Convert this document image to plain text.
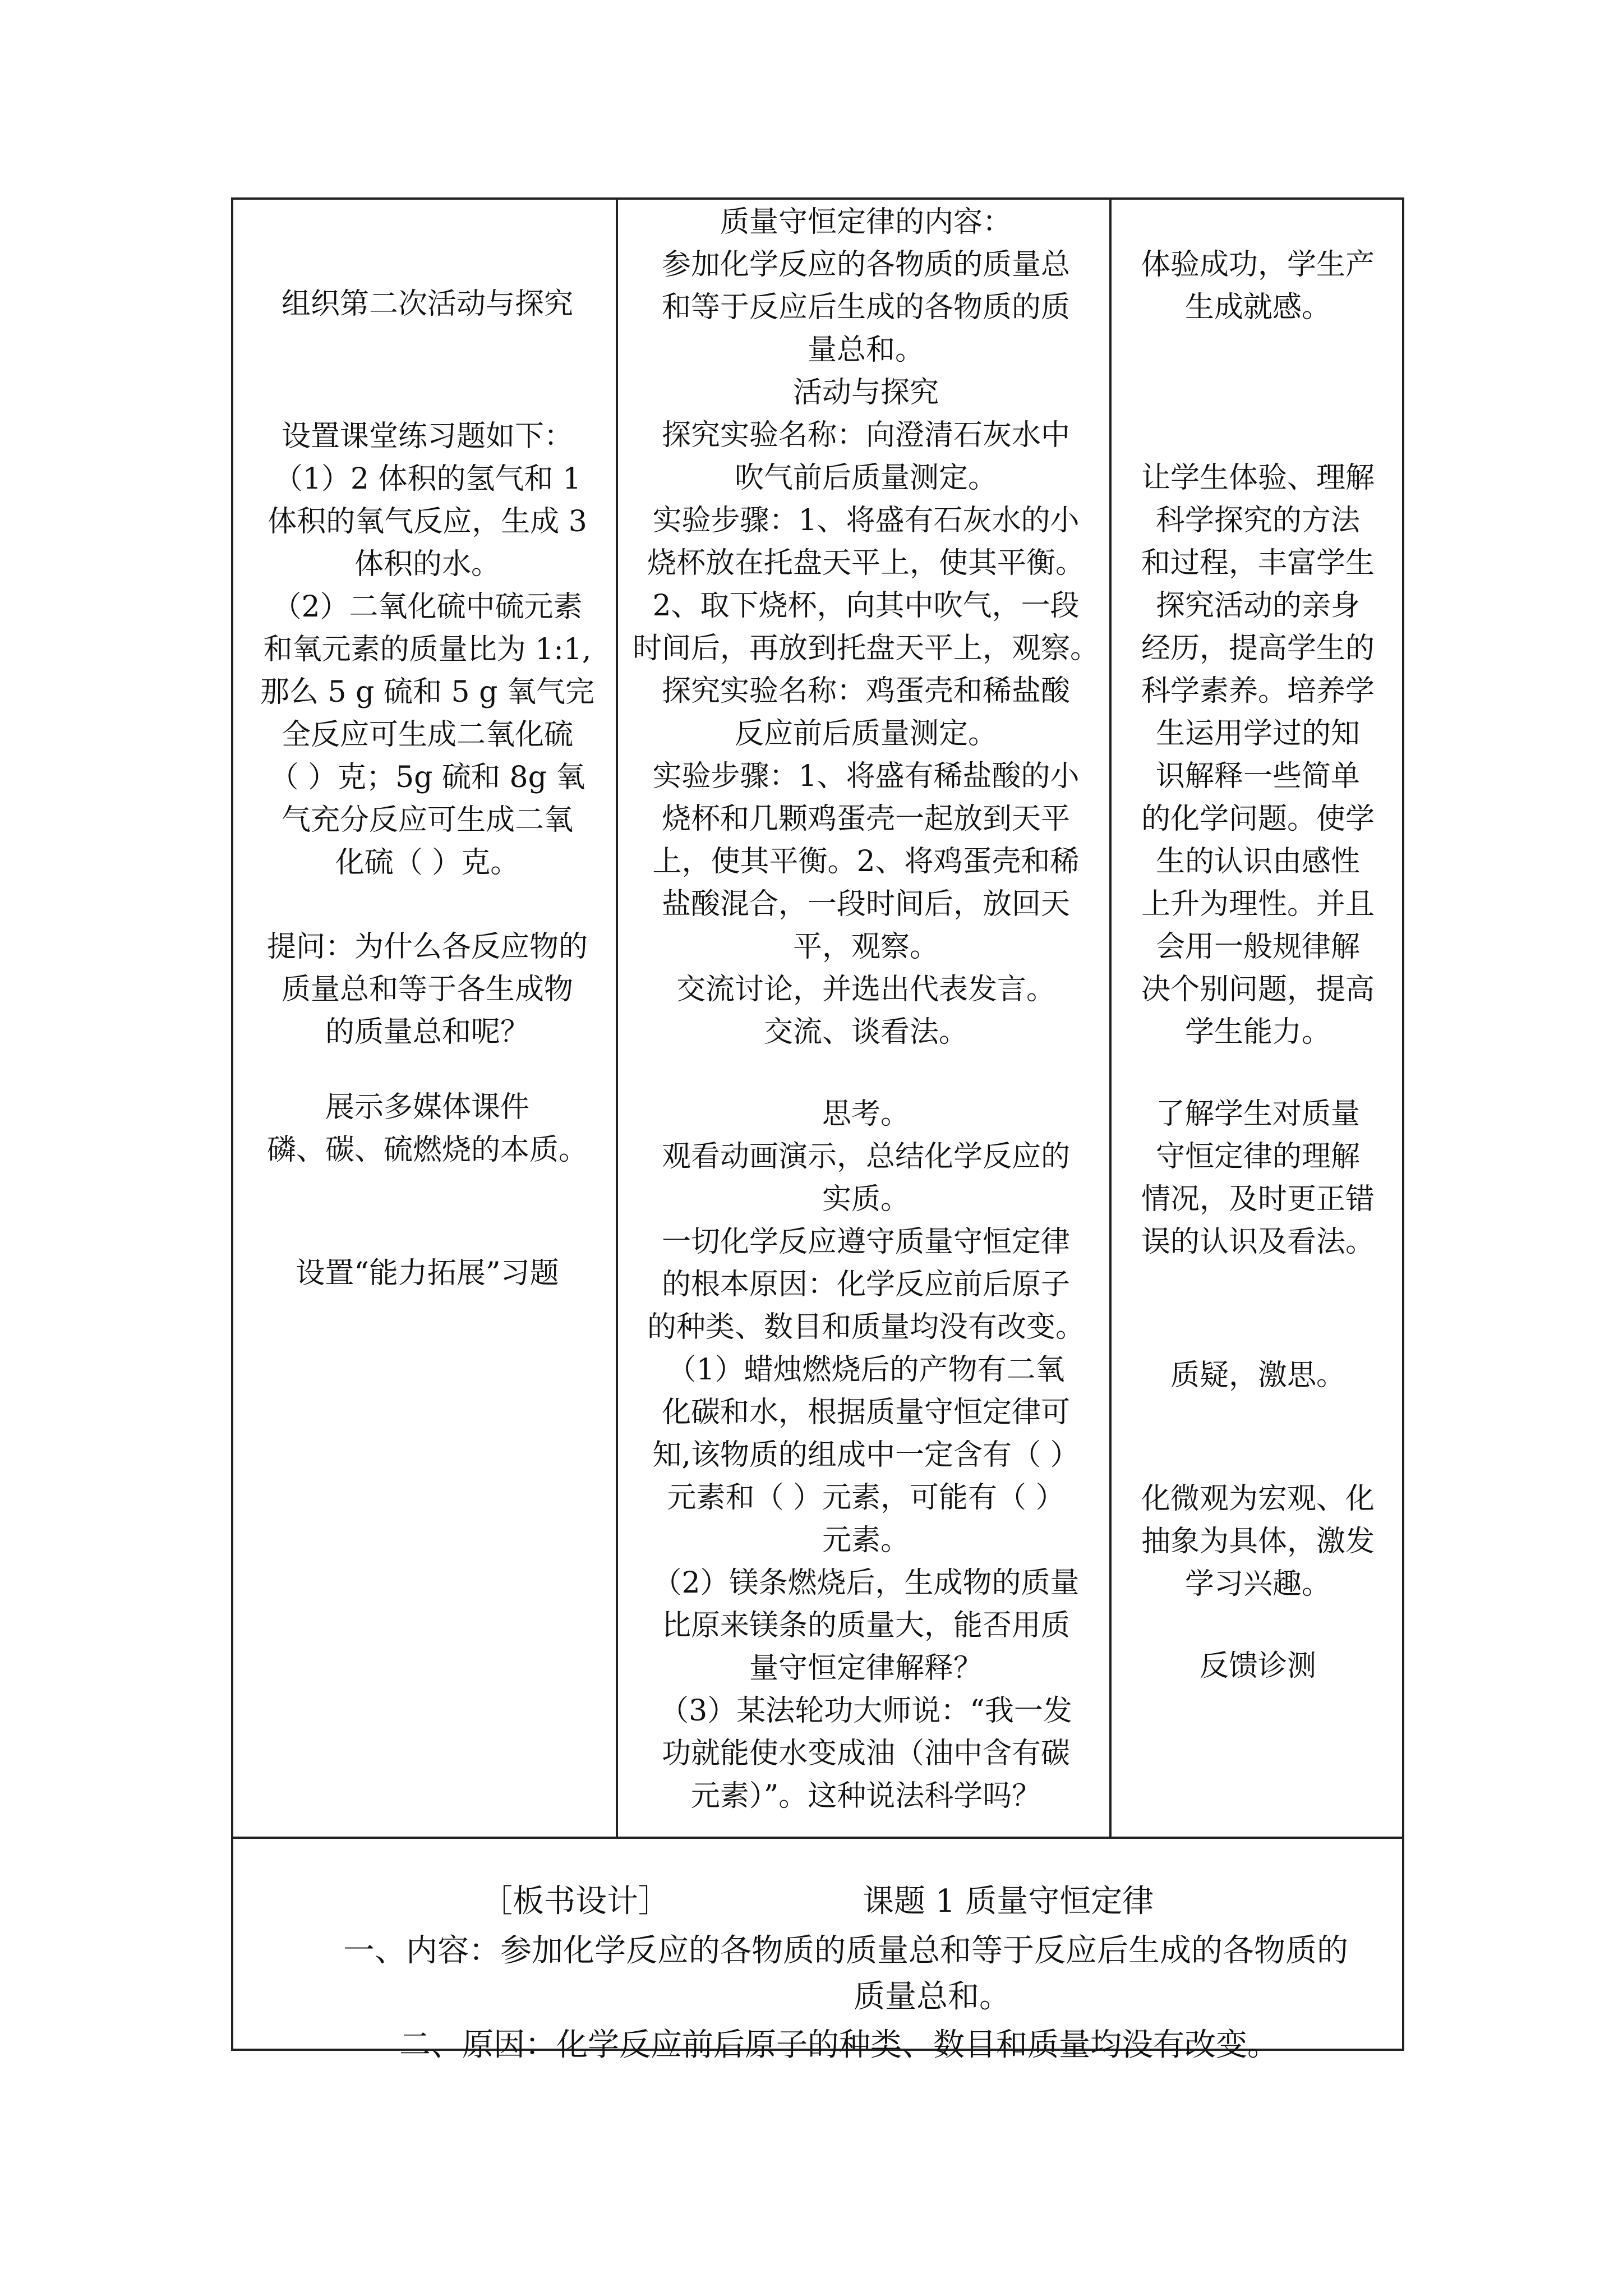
组织第二次活动与探究
设置课堂练习题如下：
（1）2 体积的氢气和 1
体积的氧气反应，生成 3
体积的水。
（2）二氧化硫中硫元素
和氧元素的质量比为 1:1,
那么 5 g 硫和 5 g 氧气完
全反应可生成二氧化硫
（ ）克；5g 硫和 8g 氧
气充分反应可生成二氧
化硫（ ）克。
提问：为什么各反应物的
质量总和等于各生成物
的质量总和呢？
展示多媒体课件
磷、碳、硫燃烧的本质。
设置“能力拓展”习题
质量守恒定律的内容：
参加化学反应的各物质的质量总
和等于反应后生成的各物质的质
量总和。
活动与探究
探究实验名称：向澄清石灰水中
吹气前后质量测定。
实验步骤：1、将盛有石灰水的小
烧杯放在托盘天平上，使其平衡。
2、取下烧杯，向其中吹气，一段
时间后，再放到托盘天平上，观察。
探究实验名称：鸡蛋壳和稀盐酸
反应前后质量测定。
实验步骤：1、将盛有稀盐酸的小
烧杯和几颗鸡蛋壳一起放到天平
上，使其平衡。2、将鸡蛋壳和稀
盐酸混合，一段时间后，放回天
平，观察。
交流讨论，并选出代表发言。
交流、谈看法。
思考。
观看动画演示，总结化学反应的
实质。
一切化学反应遵守质量守恒定律
的根本原因：化学反应前后原子
的种类、数目和质量均没有改变。
（1）蜡烛燃烧后的产物有二氧
化碳和水，根据质量守恒定律可
知,该物质的组成中一定含有（ ）
元素和（ ）元素，可能有（ ）
元素。
（2）镁条燃烧后，生成物的质量
比原来镁条的质量大，能否用质
量守恒定律解释？
（3）某法轮功大师说：“我一发
功就能使水变成油（油中含有碳
元素）”。这种说法科学吗？
体验成功，学生产
生成就感。
让学生体验、理解
科学探究的方法
和过程，丰富学生
探究活动的亲身
经历，提高学生的
科学素养。培养学
生运用学过的知
识解释一些简单
的化学问题。使学
生的认识由感性
上升为理性。并且
会用一般规律解
决个别问题，提高
学生能力。
了解学生对质量
守恒定律的理解
情况，及时更正错
误的认识及看法。
质疑，激思。
化微观为宏观、化
抽象为具体，激发
学习兴趣。
反馈诊测
［板书设计］	课题 1 质量守恒定律
一、内容：参加化学反应的各物质的质量总和等于反应后生成的各物质的
质量总和。
二、原因：化学反应前后原子的种类、数目和质量均没有改变。
